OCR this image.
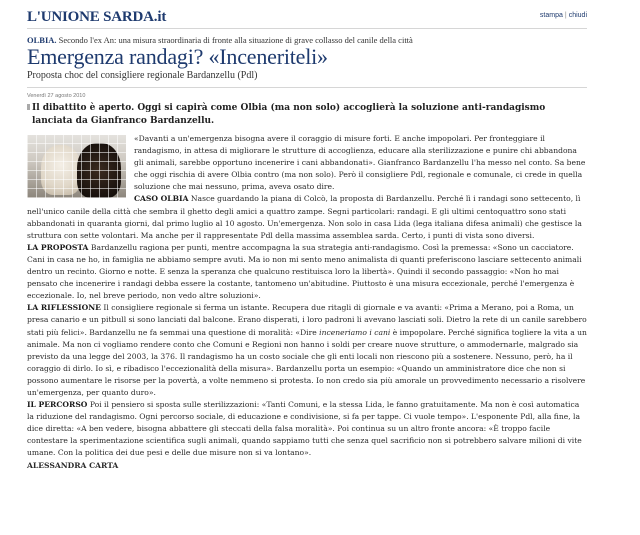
L'UNIONE SARDA.it	stampa | chiudi
OLBIA. Secondo l'ex An: una misura straordinaria di fronte alla situazione di grave collasso del canile della città
Emergenza randagi? «Inceneriteli»
Proposta choc del consigliere regionale Bardanzellu (Pdl)
Venerdì 27 agosto 2010
Il dibattito è aperto. Oggi si capirà come Olbia (ma non solo) accoglierà la soluzione anti-randagismo lanciata da Gianfranco Bardanzellu.

«Davanti a un'emergenza bisogna avere il coraggio di misure forti. E anche impopolari. Per fronteggiare il randagismo, in attesa di migliorare le strutture di accoglienza, educare alla sterilizzazione e punire chi abbandona gli animali, sarebbe opportuno incenerire i cani abbandonati». Gianfranco Bardanzellu l'ha messo nel conto. Sa bene che oggi rischia di avere Olbia contro (ma non solo). Però il consigliere Pdl, regionale e comunale, ci crede in quella soluzione che mai nessuno, prima, aveva osato dire.

CASO OLBIA Nasce guardando la piana di Colcò, la proposta di Bardanzellu. Perché lì i randagi sono settecento, lì nell'unico canile della città che sembra il ghetto degli amici a quattro zampe. Segni particolari: randagi. E gli ultimi centoquattro sono stati abbandonati in quaranta giorni, dal primo luglio al 10 agosto. Un'emergenza. Non solo in casa Lida (lega italiana difesa animali) che gestisce la struttura con sette volontari. Ma anche per il rappresentate Pdl della massima assemblea sarda. Certo, i punti di vista sono diversi.

LA PROPOSTA Bardanzellu ragiona per punti, mentre accompagna la sua strategia anti-randagismo. Così la premessa: «Sono un cacciatore. Cani in casa ne ho, in famiglia ne abbiamo sempre avuti. Ma io non mi sento meno animalista di quanti preferiscono lasciare settecento animali dentro un recinto. Giorno e notte. E senza la speranza che qualcuno restituisca loro la libertà». Quindi il secondo passaggio: «Non ho mai pensato che incenerire i randagi debba essere la costante, tantomeno un'abitudine. Piuttosto è una misura eccezionale, perché l'emergenza è eccezionale. Io, nel breve periodo, non vedo altre soluzioni».

LA RIFLESSIONE Il consigliere regionale si ferma un istante. Recupera due ritagli di giornale e va avanti: «Prima a Merano, poi a Roma, un presa canario e un pitbull si sono lanciati dal balcone. Erano disperati, i loro padroni li avevano lasciati soli. Dietro la rete di un canile sarebbero stati più felici». Bardanzellu ne fa semmai una questione di moralità: «Dire inceneriamo i cani è impopolare. Perché significa togliere la vita a un animale. Ma non ci vogliamo rendere conto che Comuni e Regioni non hanno i soldi per creare nuove strutture, o ammodernarle, malgrado sia previsto da una legge del 2003, la 376. Il randagismo ha un costo sociale che gli enti locali non riescono più a sostenere. Nessuno, però, ha il coraggio di dirlo. Io sì, e ribadisco l'eccezionalità della misura». Bardanzellu porta un esempio: «Quando un amministratore dice che non si possono aumentare le risorse per la povertà, a volte nemmeno si protesta. Io non credo sia più amorale un provvedimento necessario a risolvere un'emergenza, per quanto duro».

IL PERCORSO Poi il pensiero si sposta sulle sterilizzazioni: «Tanti Comuni, e la stessa Lida, le fanno gratuitamente. Ma non è così automatica la riduzione del randagismo. Ogni percorso sociale, di educazione e condivisione, si fa per tappe. Ci vuole tempo». L'esponente Pdl, alla fine, la dice diretta: «A ben vedere, bisogna abbattere gli steccati della falsa moralità». Poi continua su un altro fronte ancora: «È troppo facile contestare la sperimentazione scientifica sugli animali, quando sappiamo tutti che senza quel sacrificio non si potrebbero salvare milioni di vite umane. Con la politica dei due pesi e delle due misure non si va lontano».

ALESSANDRA CARTA
